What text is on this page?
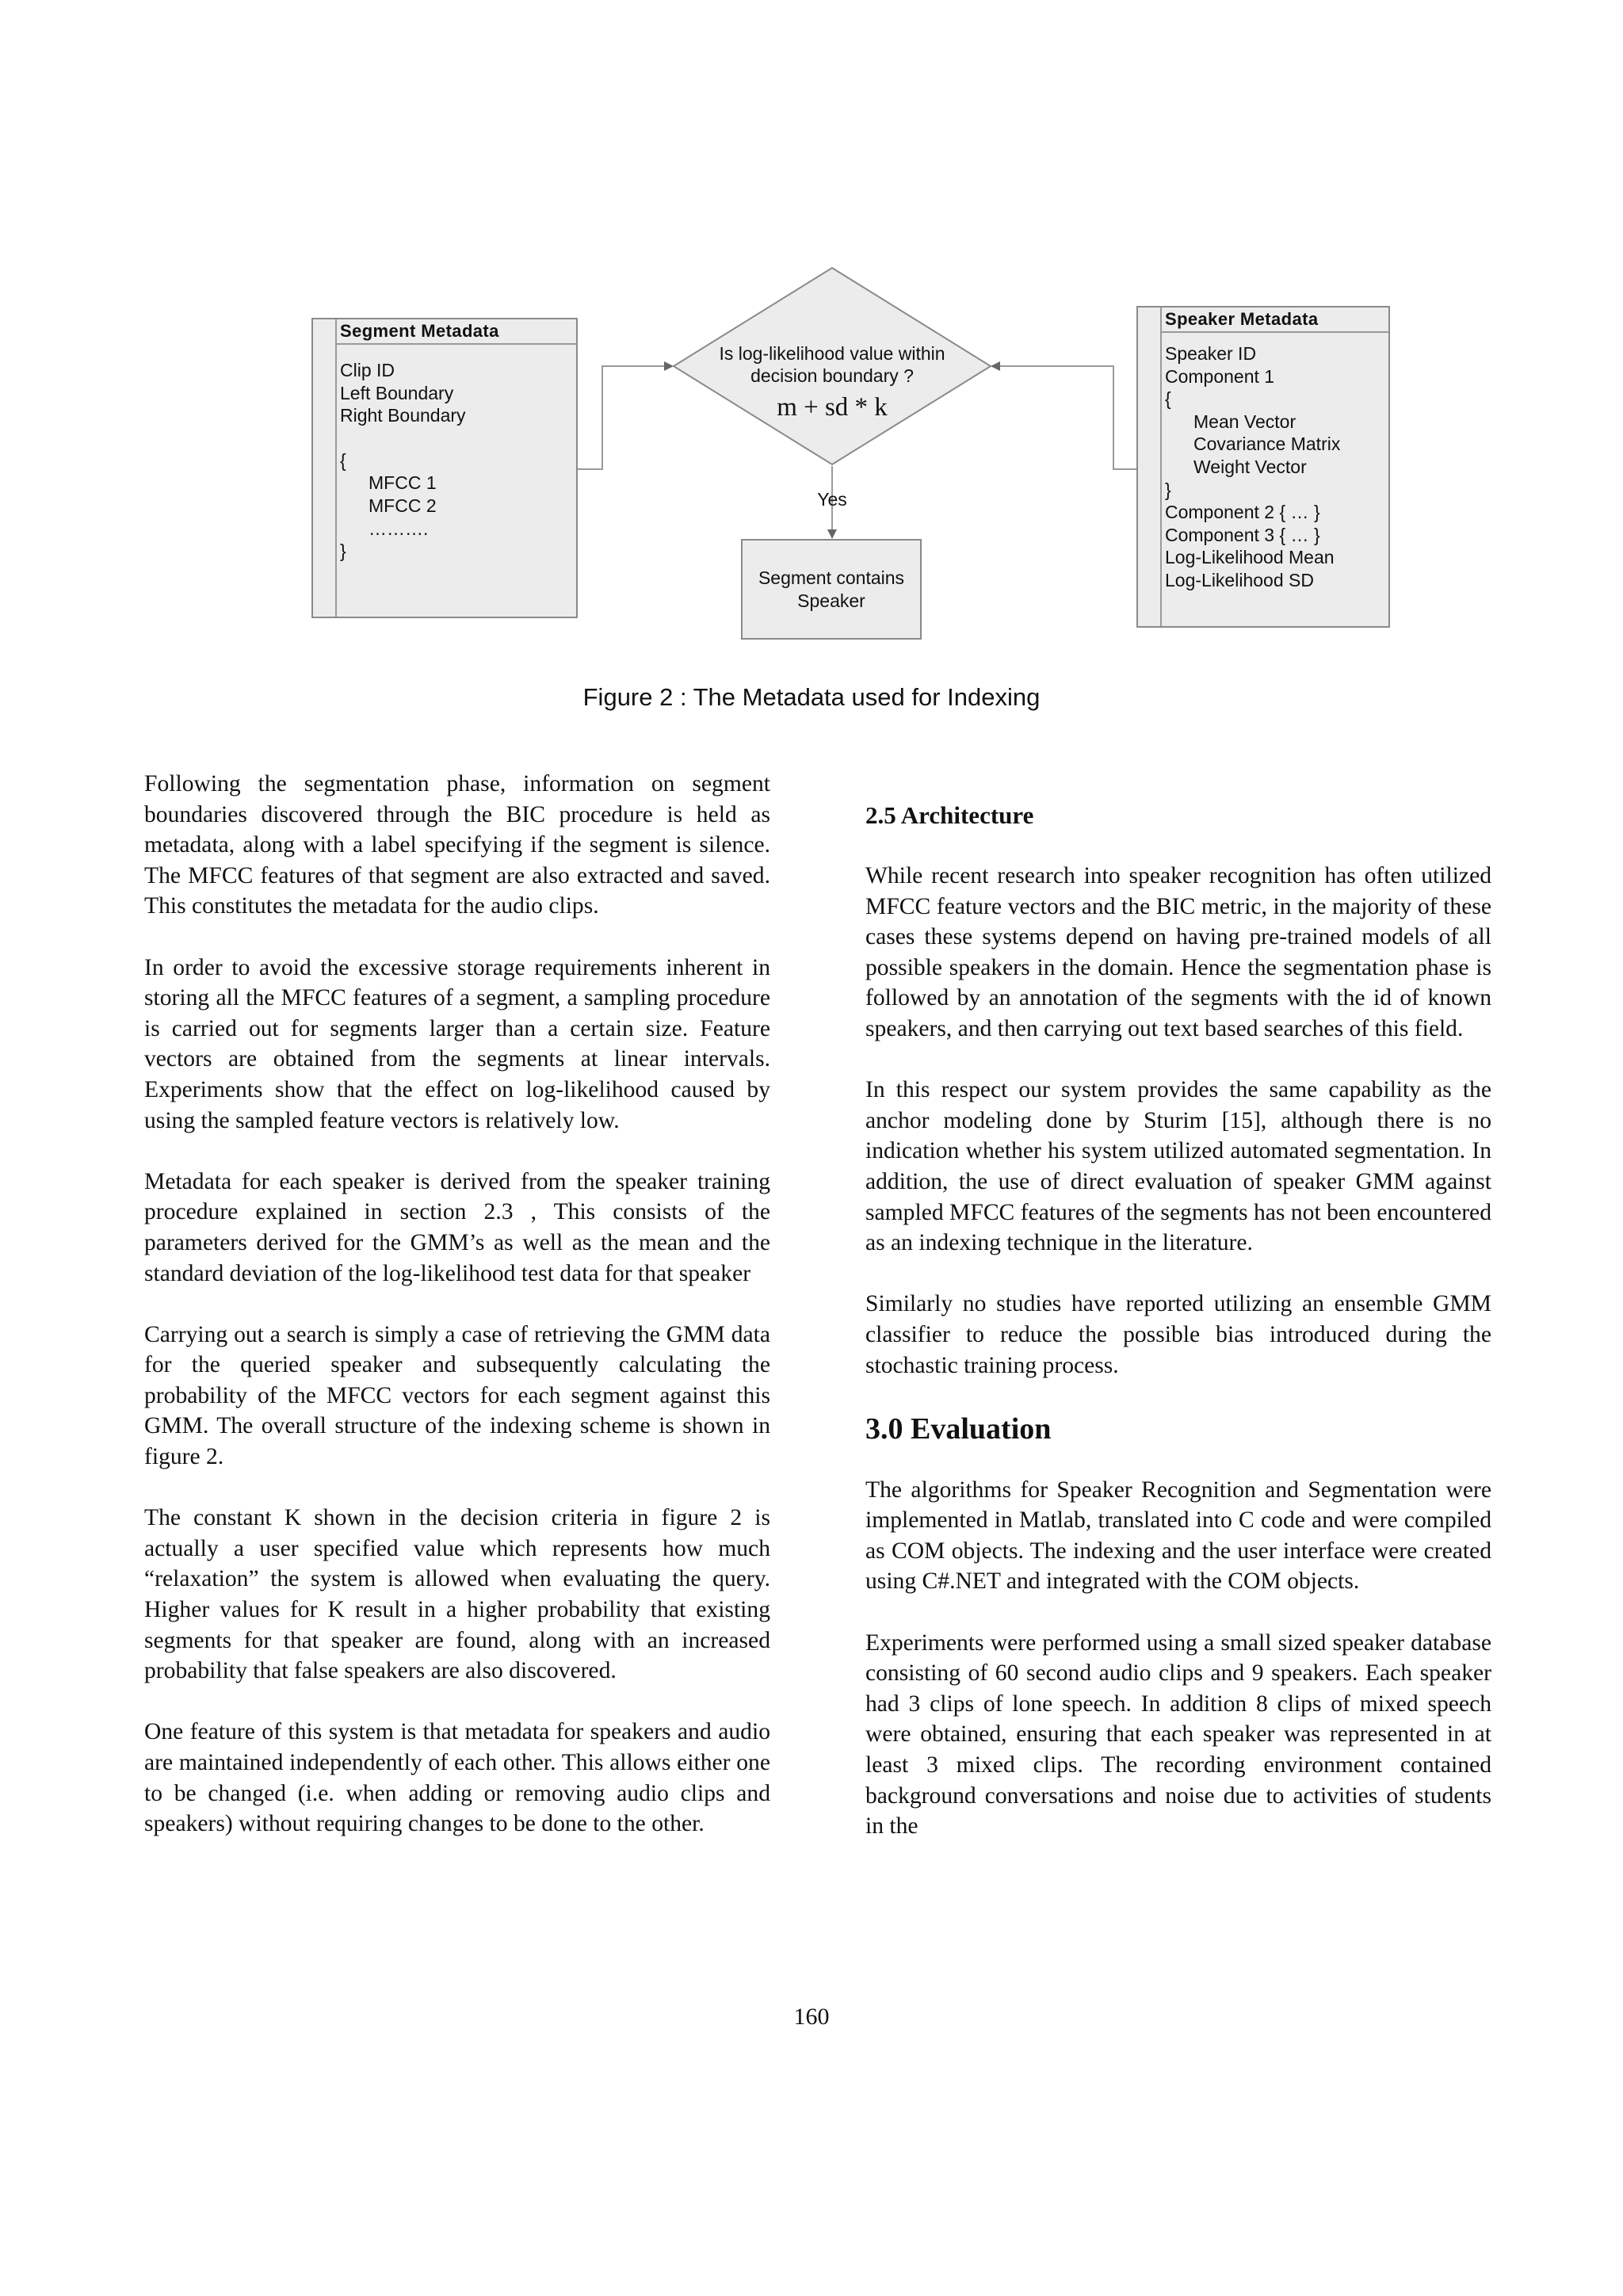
Segment Metadata
Clip ID
Left Boundary
Right Boundary
{
MFCC 1
MFCC 2
……….
}
Is log-likelihood value within
decision boundary ?
m + sd * k
Yes
Segment contains
Speaker
Speaker Metadata
Speaker ID
Component 1
{
Mean Vector
Covariance Matrix
Weight Vector
}
Component 2 { … }
Component 3 { … }
Log-Likelihood Mean
Log-Likelihood SD
Figure 2 : The Metadata used for Indexing

Following the segmentation phase, information on segment boundaries discovered through the BIC procedure is held as metadata, along with a label specifying if the segment is silence. The MFCC features of that segment are also extracted and saved. This constitutes the metadata for the audio clips.

In order to avoid the excessive storage requirements inherent in storing all the MFCC features of a segment, a sampling procedure is carried out for segments larger than a certain size. Feature vectors are obtained from the segments at linear intervals. Experiments show that the effect on log-likelihood caused by using the sampled feature vectors is relatively low.

Metadata for each speaker is derived from the speaker training procedure explained in section 2.3 , This consists of the parameters derived for the GMM’s as well as the mean and the standard deviation of the log-likelihood test data for that speaker

Carrying out a search is simply a case of retrieving the GMM data for the queried speaker and subsequently calculating the probability of the MFCC vectors for each segment against this GMM. The overall structure of the indexing scheme is shown in figure 2.

The constant K shown in the decision criteria in figure 2 is actually a user specified value which represents how much “relaxation” the system is allowed when evaluating the query. Higher values for K result in a higher probability that existing segments for that speaker are found, along with an increased probability that false speakers are also discovered.

One feature of this system is that metadata for speakers and audio are maintained independently of each other. This allows either one to be changed (i.e. when adding or removing audio clips and speakers) without requiring changes to be done to the other.

2.5 Architecture

While recent research into speaker recognition has often utilized MFCC feature vectors and the BIC metric, in the majority of these cases these systems depend on having pre-trained models of all possible speakers in the domain. Hence the segmentation phase is followed by an annotation of the segments with the id of known speakers, and then carrying out text based searches of this field.

In this respect our system provides the same capability as the anchor modeling done by Sturim [15], although there is no indication whether his system utilized automated segmentation. In addition, the use of direct evaluation of speaker GMM against sampled MFCC features of the segments has not been encountered as an indexing technique in the literature.

Similarly no studies have reported utilizing an ensemble GMM classifier to reduce the possible bias introduced during the stochastic training process.

3.0 Evaluation

The algorithms for Speaker Recognition and Segmentation were implemented in Matlab, translated into C code and were compiled as COM objects. The indexing and the user interface were created using C#.NET and integrated with the COM objects.

Experiments were performed using a small sized speaker database consisting of 60 second audio clips and 9 speakers. Each speaker had 3 clips of lone speech. In addition 8 clips of mixed speech were obtained, ensuring that each speaker was represented in at least 3 mixed clips. The recording environment contained background conversations and noise due to activities of students in the

160
